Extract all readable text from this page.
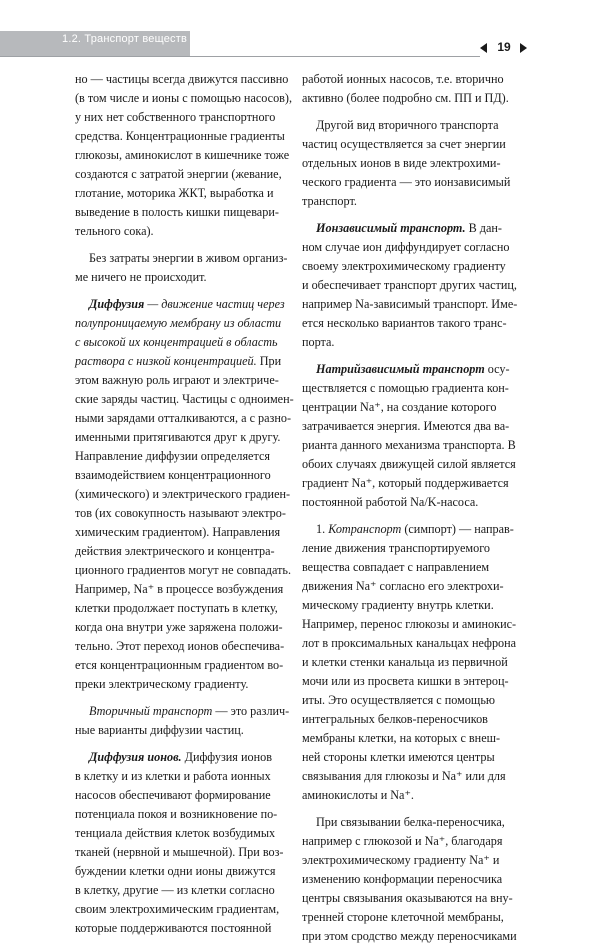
1.2. Транспорт веществ
19
но — частицы всегда движутся пассивно
(в том числе и ионы с помощью насосов),
у них нет собственного транспортного
средства. Концентрационные градиенты
глюкозы, аминокислот в кишечнике тоже
создаются с затратой энергии (жевание,
глотание, моторика ЖКТ, выработка и
выведение в полость кишки пищевари-
тельного сока).
Без затраты энергии в живом организ-
ме ничего не происходит.
Диффузия — движение частиц через
полупроницаемую мембрану из области
с высокой их концентрацией в область
раствора с низкой концентрацией. При
этом важную роль играют и электриче-
ские заряды частиц. Частицы с одноимен-
ными зарядами отталкиваются, а с разно-
именными притягиваются друг к другу.
Направление диффузии определяется
взаимодействием концентрационного
(химического) и электрического градиен-
тов (их совокупность называют электро-
химическим градиентом). Направления
действия электрического и концентра-
ционного градиентов могут не совпадать.
Например, Na⁺ в процессе возбуждения
клетки продолжает поступать в клетку,
когда она внутри уже заряжена положи-
тельно. Этот переход ионов обеспечива-
ется концентрационным градиентом во-
преки электрическому градиенту.
Вторичный транспорт — это различ-
ные варианты диффузии частиц.
Диффузия ионов. Диффузия ионов
в клетку и из клетки и работа ионных
насосов обеспечивают формирование
потенциала покоя и возникновение по-
тенциала действия клеток возбудимых
тканей (нервной и мышечной). При воз-
буждении клетки одни ионы движутся
в клетку, другие — из клетки согласно
своим электрохимическим градиентам,
которые поддерживаются постоянной
работой ионных насосов, т.е. вторично
активно (более подробно см. ПП и ПД).
Другой вид вторичного транспорта
частиц осуществляется за счет энергии
отдельных ионов в виде электрохими-
ческого градиента — это ионзависимый
транспорт.
Ионзависимый транспорт. В дан-
ном случае ион диффундирует согласно
своему электрохимическому градиенту
и обеспечивает транспорт других частиц,
например Na-зависимый транспорт. Име-
ется несколько вариантов такого транс-
порта.
Натрийзависимый транспорт осу-
ществляется с помощью градиента кон-
центрации Na⁺, на создание которого
затрачивается энергия. Имеются два ва-
рианта данного механизма транспорта. В
обоих случаях движущей силой является
градиент Na⁺, который поддерживается
постоянной работой Na/K-насоса.
1. Котранспорт (симпорт) — направ-
ление движения транспортируемого
вещества совпадает с направлением
движения Na⁺ согласно его электрохи-
мическому градиенту внутрь клетки.
Например, перенос глюкозы и аминокис-
лот в проксимальных канальцах нефрона
и клетки стенки канальца из первичной
мочи или из просвета кишки в энтероц-
иты. Это осуществляется с помощью
интегральных белков-переносчиков
мембраны клетки, на которых с внеш-
ней стороны клетки имеются центры
связывания для глюкозы и Na⁺ или для
аминокислоты и Na⁺.
При связывании белка-переносчика,
например с глюкозой и Na⁺, благодаря
электрохимическому градиенту Na⁺ и
изменению конформации переносчика
центры связывания оказываются на вну-
тренней стороне клеточной мембраны,
при этом сродство между переносчиками
